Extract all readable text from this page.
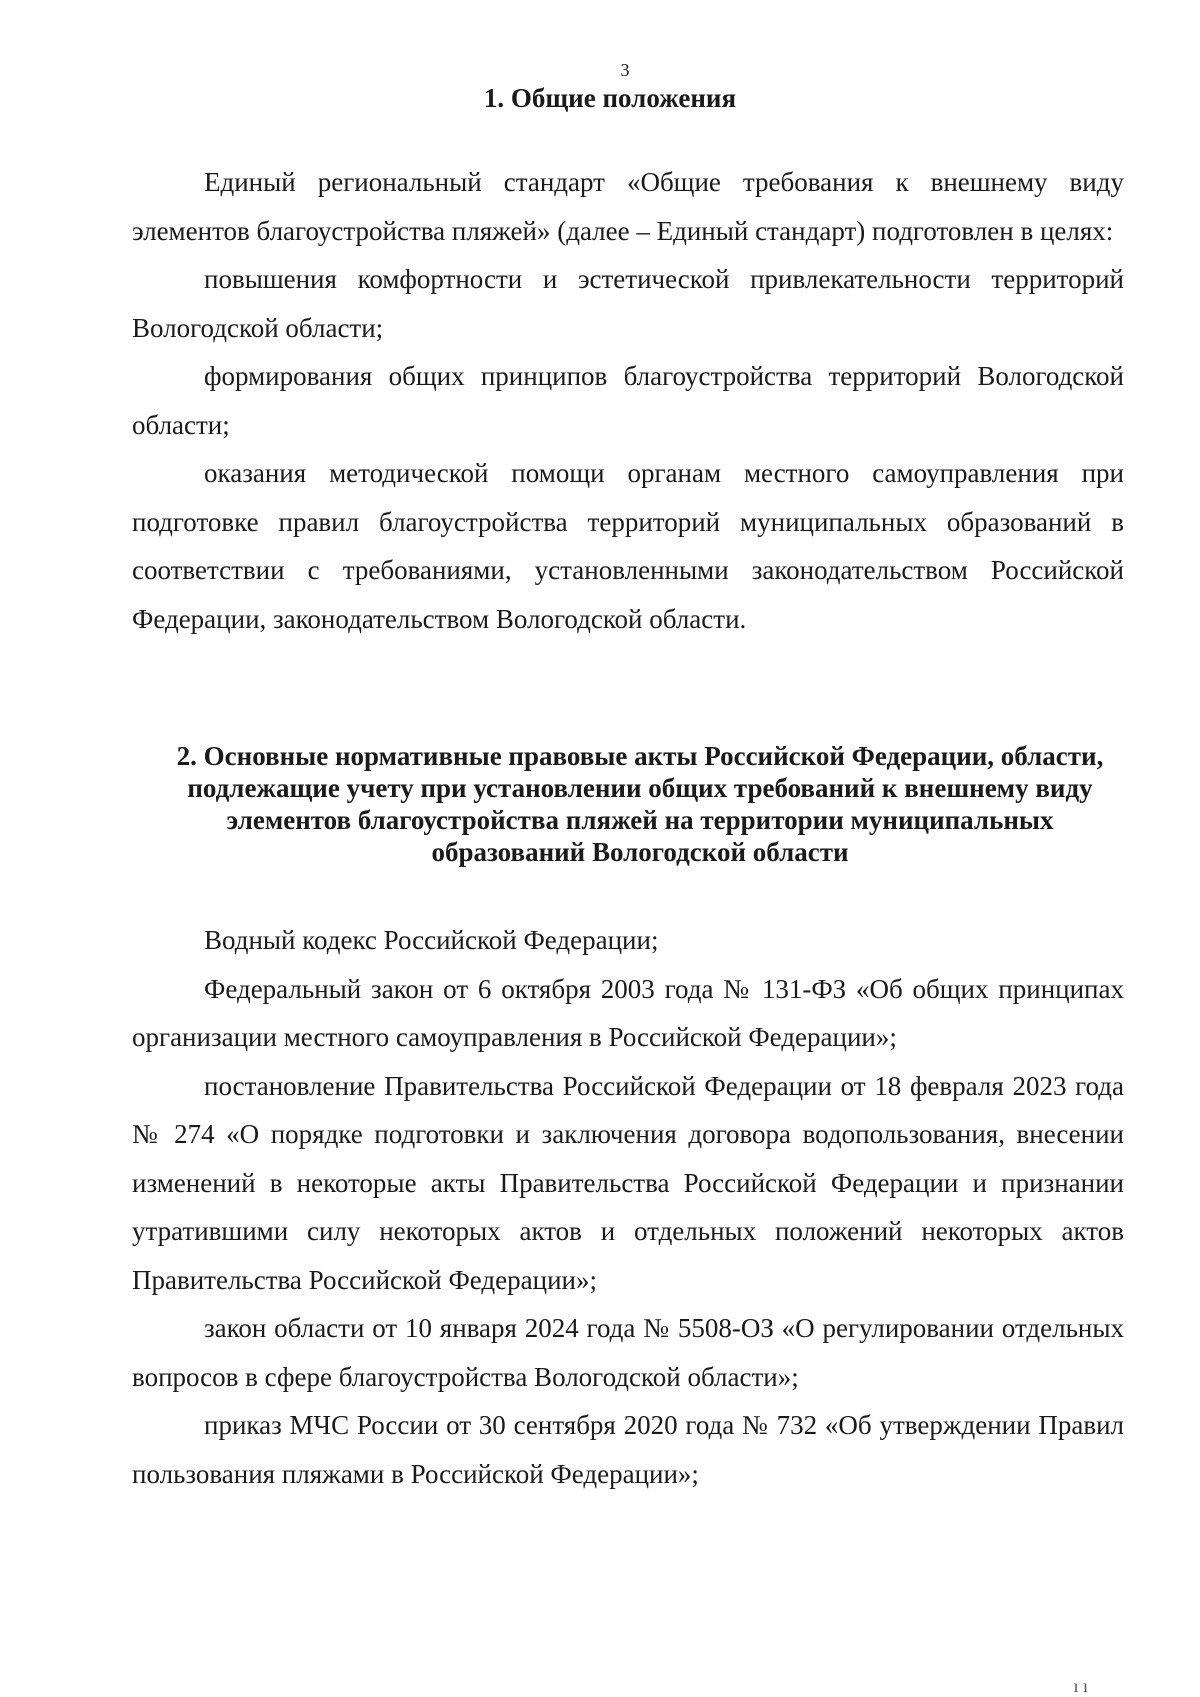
3
1. Общие положения

Единый региональный стандарт «Общие требования к внешнему виду элементов благоустройства пляжей» (далее – Единый стандарт) подготовлен в целях:

повышения комфортности и эстетической привлекательности территорий Вологодской области;

формирования общих принципов благоустройства территорий Вологодской области;

оказания методической помощи органам местного самоуправления при подготовке правил благоустройства территорий муниципальных образований в соответствии с требованиями, установленными законодательством Российской Федерации, законодательством Вологодской области.

2. Основные нормативные правовые акты Российской Федерации, области, подлежащие учету при установлении общих требований к внешнему виду элементов благоустройства пляжей на территории муниципальных образований Вологодской области

Водный кодекс Российской Федерации;

Федеральный закон от 6 октября 2003 года № 131-ФЗ «Об общих принципах организации местного самоуправления в Российской Федерации»;

постановление Правительства Российской Федерации от 18 февраля 2023 года № 274 «О порядке подготовки и заключения договора водопользования, внесении изменений в некоторые акты Правительства Российской Федерации и признании утратившими силу некоторых актов и отдельных положений некоторых актов Правительства Российской Федерации»;

закон области от 10 января 2024 года № 5508-ОЗ «О регулировании отдельных вопросов в сфере благоустройства Вологодской области»;

приказ МЧС России от 30 сентября 2020 года № 732 «Об утверждении Правил пользования пляжами в Российской Федерации»;

ı ı
